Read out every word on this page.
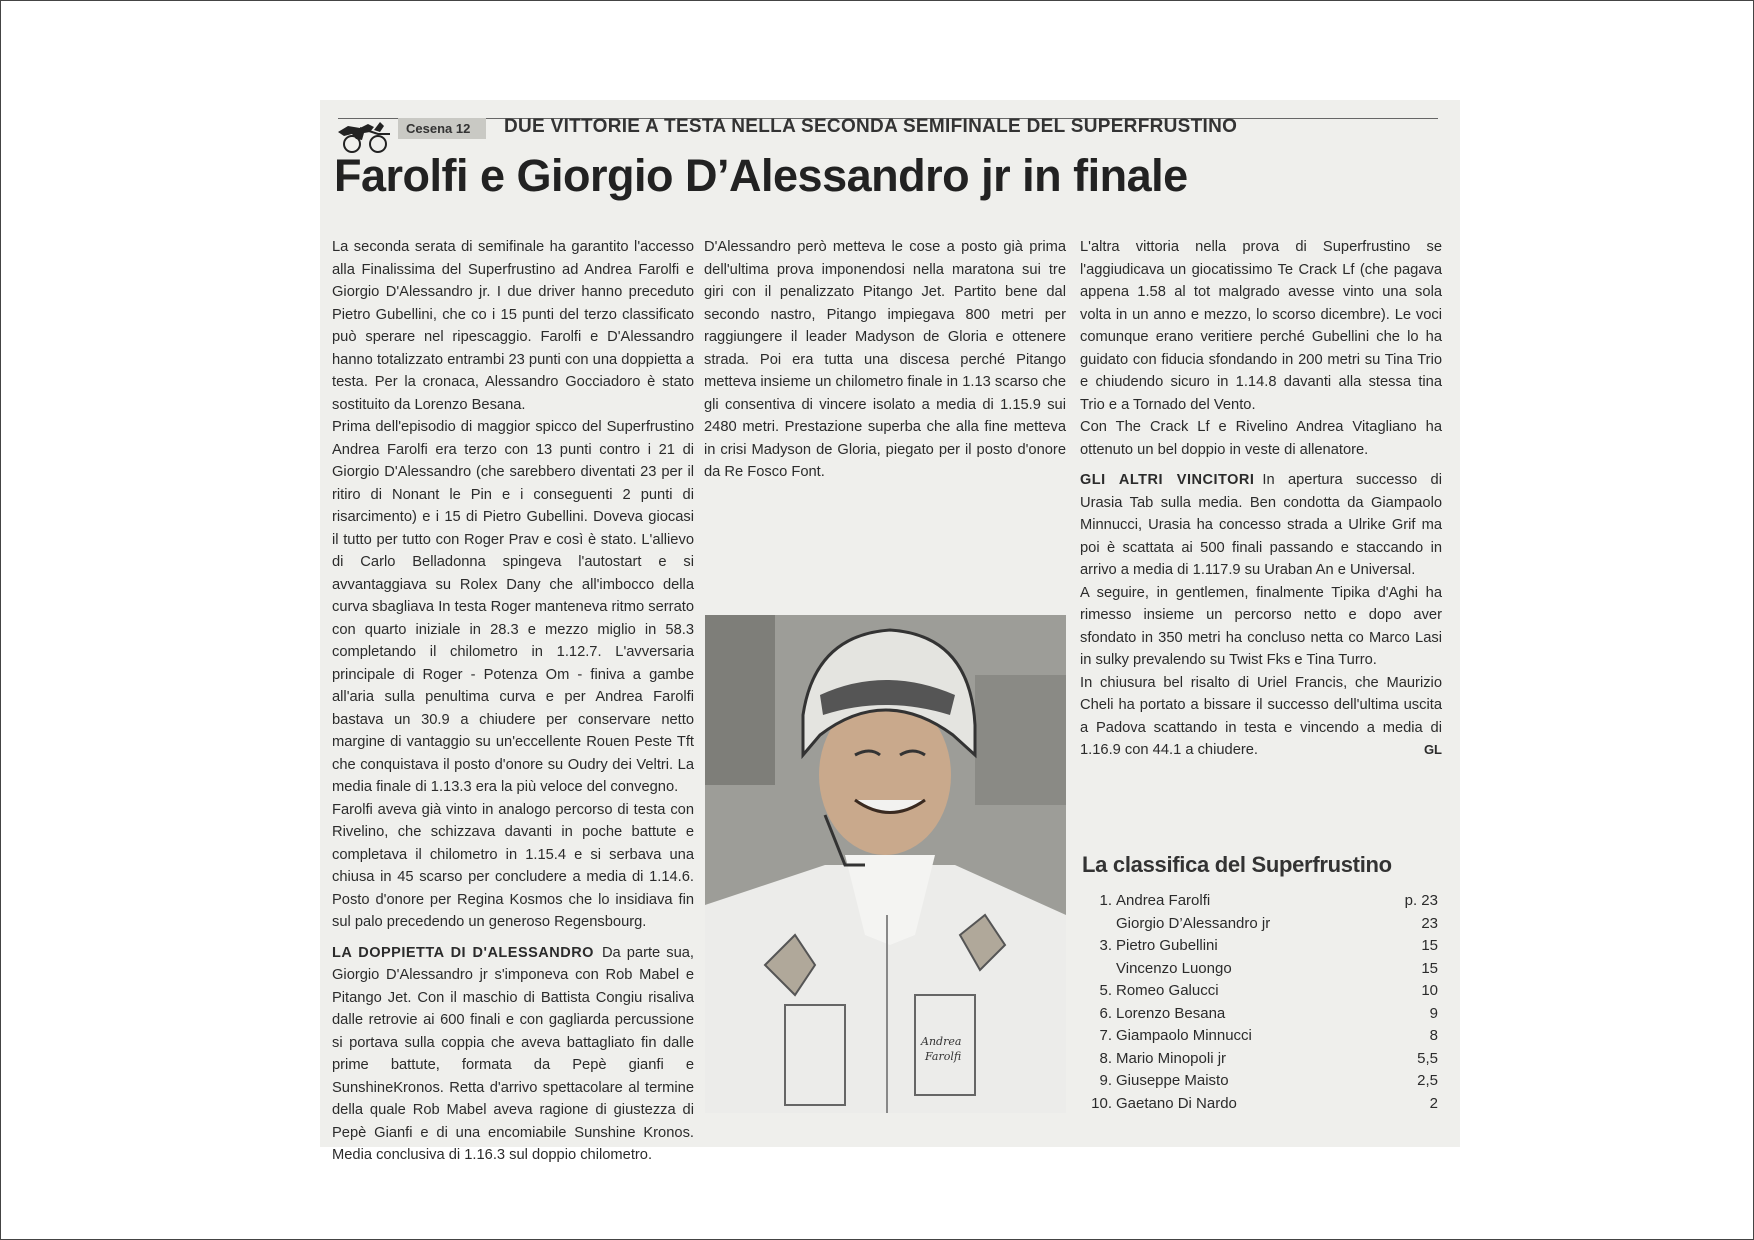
Cesena 12	DUE VITTORIE A TESTA NELLA SECONDA SEMIFINALE DEL SUPERFRUSTINO
Farolfi e Giorgio D’Alessandro jr in finale

La seconda serata di semifinale ha garantito l'accesso alla Finalissima del Superfrustino ad Andrea Farolfi e Giorgio D'Alessandro jr. I due driver hanno preceduto Pietro Gubellini, che co i 15 punti del terzo classificato può sperare nel ripescaggio. Farolfi e D'Alessandro hanno totalizzato entrambi 23 punti con una doppietta a testa. Per la cronaca, Alessandro Gocciadoro è stato sostituito da Lorenzo Besana.

Prima dell'episodio di maggior spicco del Superfrustino Andrea Farolfi era terzo con 13 punti contro i 21 di Giorgio D'Alessandro (che sarebbero diventati 23 per il ritiro di Nonant le Pin e i conseguenti 2 punti di risarcimento) e i 15 di Pietro Gubellini. Doveva giocasi il tutto per tutto con Roger Prav e così è stato. L'allievo di Carlo Belladonna spingeva l'autostart e si avvantaggiava su Rolex Dany che all'imbocco della curva sbagliava In testa Roger manteneva ritmo serrato con quarto iniziale in 28.3 e mezzo miglio in 58.3 completando il chilometro in 1.12.7. L'avversaria principale di Roger - Potenza Om - finiva a gambe all'aria sulla penultima curva e per Andrea Farolfi bastava un 30.9 a chiudere per conservare netto margine di vantaggio su un'eccellente Rouen Peste Tft che conquistava il posto d'onore su Oudry dei Veltri. La media finale di 1.13.3 era la più veloce del convegno.

Farolfi aveva già vinto in analogo percorso di testa con Rivelino, che schizzava davanti in poche battute e completava il chilometro in 1.15.4 e si serbava una chiusa in 45 scarso per concludere a media di 1.14.6. Posto d'onore per Regina Kosmos che lo insidiava fin sul palo precedendo un generoso Regensbourg.

LA DOPPIETTA DI D'ALESSANDRO Da parte sua, Giorgio D'Alessandro jr s'imponeva con Rob Mabel e Pitango Jet. Con il maschio di Battista Congiu risaliva dalle retrovie ai 600 finali e con gagliarda percussione si portava sulla coppia che aveva battagliato fin dalle prime battute, formata da Pepè gianfi e SunshineKronos. Retta d'arrivo spettacolare al termine della quale Rob Mabel aveva ragione di giustezza di Pepè Gianfi e di una encomiabile Sunshine Kronos. Media conclusiva di 1.16.3 sul doppio chilometro.

D'Alessandro però metteva le cose a posto già prima dell'ultima prova imponendosi nella maratona sui tre giri con il penalizzato Pitango Jet. Partito bene dal secondo nastro, Pitango impiegava 800 metri per raggiungere il leader Madyson de Gloria e ottenere strada. Poi era tutta una discesa perché Pitango metteva insieme un chilometro finale in 1.13 scarso che gli consentiva di vincere isolato a media di 1.15.9 sui 2480 metri. Prestazione superba che alla fine metteva in crisi Madyson de Gloria, piegato per il posto d'onore da Re Fosco Font.

L'altra vittoria nella prova di Superfrustino se l'aggiudicava un giocatissimo Te Crack Lf (che pagava appena 1.58 al tot malgrado avesse vinto una sola volta in un anno e mezzo, lo scorso dicembre). Le voci comunque erano veritiere perché Gubellini che lo ha guidato con fiducia sfondando in 200 metri su Tina Trio e chiudendo sicuro in 1.14.8 davanti alla stessa tina Trio e a Tornado del Vento.

Con The Crack Lf e Rivelino Andrea Vitagliano ha ottenuto un bel doppio in veste di allenatore.

GLI ALTRI VINCITORI In apertura successo di Urasia Tab sulla media. Ben condotta da Giampaolo Minnucci, Urasia ha concesso strada a Ulrike Grif ma poi è scattata ai 500 finali passando e staccando in arrivo a media di 1.117.9 su Uraban An e Universal.

A seguire, in gentlemen, finalmente Tipika d'Aghi ha rimesso insieme un percorso netto e dopo aver sfondato in 350 metri ha concluso netta co Marco Lasi in sulky prevalendo su Twist Fks e Tina Turro.

In chiusura bel risalto di Uriel Francis, che Maurizio Cheli ha portato a bissare il successo dell'ultima uscita a Padova scattando in testa e vincendo a media di 1.16.9 con 44.1 a chiudere.	GL

Andrea
Farolfi
La classifica del Superfrustino
1. Andrea Farolfi	p. 23
Giorgio D’Alessandro jr	23
3. Pietro Gubellini	15
Vincenzo Luongo	15
5. Romeo Galucci	10
6. Lorenzo Besana	9
7. Giampaolo Minnucci	8
8. Mario Minopoli jr	5,5
9. Giuseppe Maisto	2,5
10. Gaetano Di Nardo	2
